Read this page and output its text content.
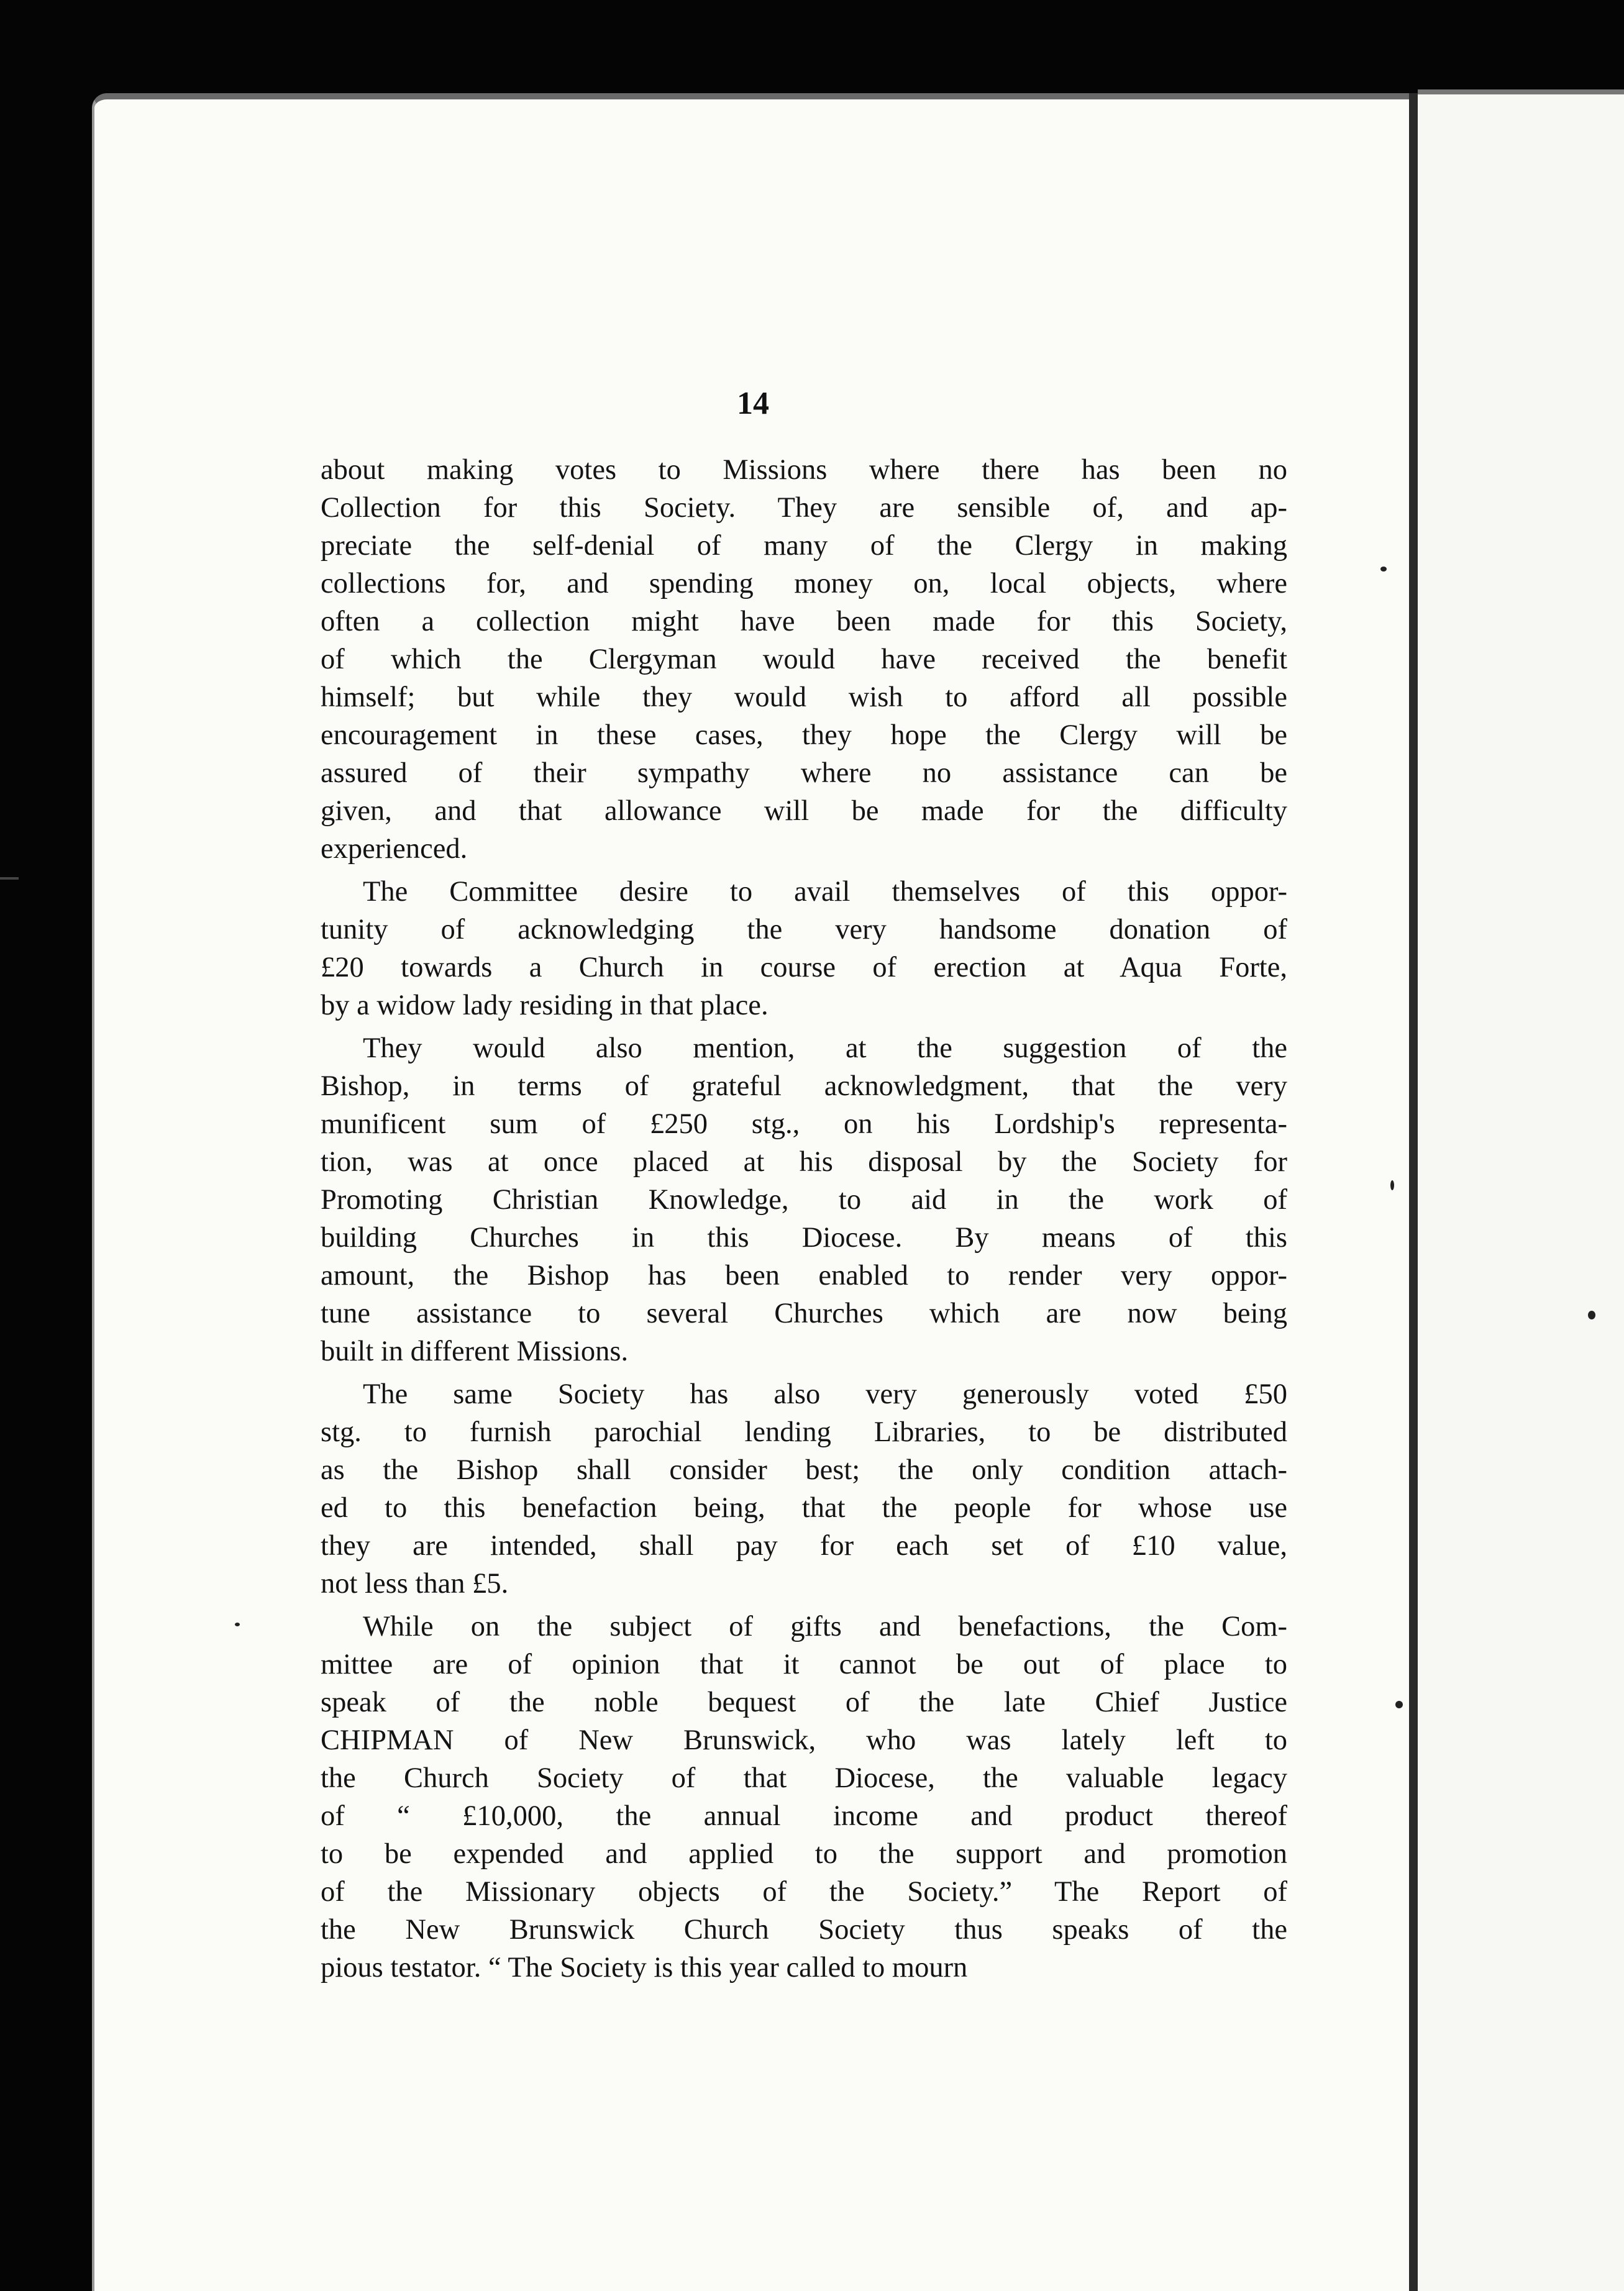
14
about making votes to Missions where there has been no
Collection for this Society. They are sensible of, and ap-
preciate the self-denial of many of the Clergy in making
collections for, and spending money on, local objects, where
often a collection might have been made for this Society,
of which the Clergyman would have received the benefit
himself; but while they would wish to afford all possible
encouragement in these cases, they hope the Clergy will be
assured of their sympathy where no assistance can be
given, and that allowance will be made for the difficulty
experienced.
The Committee desire to avail themselves of this oppor-
tunity of acknowledging the very handsome donation of
£20 towards a Church in course of erection at Aqua Forte,
by a widow lady residing in that place.
They would also mention, at the suggestion of the
Bishop, in terms of grateful acknowledgment, that the very
munificent sum of £250 stg., on his Lordship's representa-
tion, was at once placed at his disposal by the Society for
Promoting Christian Knowledge, to aid in the work of
building Churches in this Diocese. By means of this
amount, the Bishop has been enabled to render very oppor-
tune assistance to several Churches which are now being
built in different Missions.
The same Society has also very generously voted £50
stg. to furnish parochial lending Libraries, to be distributed
as the Bishop shall consider best; the only condition attach-
ed to this benefaction being, that the people for whose use
they are intended, shall pay for each set of £10 value,
not less than £5.
While on the subject of gifts and benefactions, the Com-
mittee are of opinion that it cannot be out of place to
speak of the noble bequest of the late Chief Justice
CHIPMAN of New Brunswick, who was lately left to
the Church Society of that Diocese, the valuable legacy
of “ £10,000, the annual income and product thereof
to be expended and applied to the support and promotion
of the Missionary objects of the Society.” The Report of
the New Brunswick Church Society thus speaks of the
pious testator. “ The Society is this year called to mourn
